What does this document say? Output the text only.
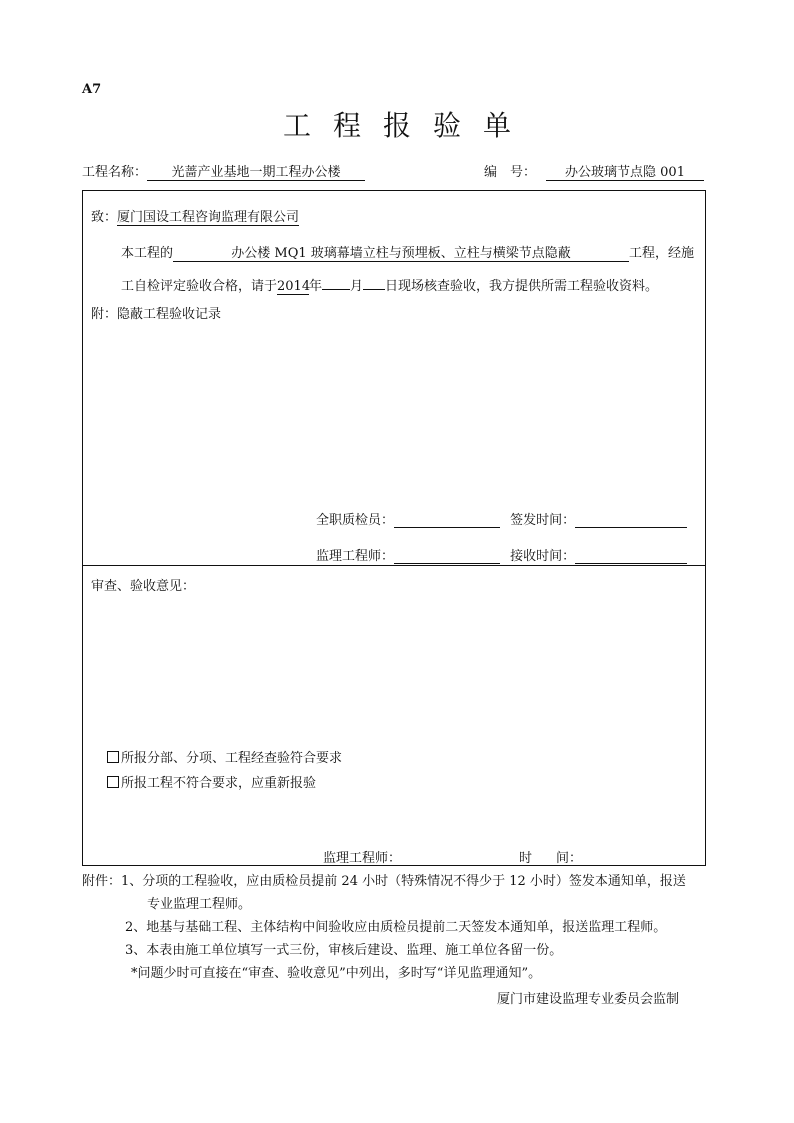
A7
工程报验单
工程名称： 光蔷产业基地一期工程办公楼	编　号： 办公玻璃节点隐 001
致：厦门国设工程咨询监理有限公司
本工程的	办公楼 MQ1 玻璃幕墙立柱与预埋板、立柱与横梁节点隐蔽	工程，经施
工自检评定验收合格，请于2014年 月 日现场核查验收，我方提供所需工程验收资料。
附：隐蔽工程验收记录
全职质检员：	签发时间：
监理工程师：	接收时间：
审查、验收意见：
所报分部、分项、工程经查验符合要求
所报工程不符合要求，应重新报验
监理工程师：	时 间：
附件：1、分项的工程验收，应由质检员提前 24 小时（特殊情况不得少于 12 小时）签发本通知单，报送
专业监理工程师。
2、地基与基础工程、主体结构中间验收应由质检员提前二天签发本通知单，报送监理工程师。
3、本表由施工单位填写一式三份，审核后建设、监理、施工单位各留一份。
*问题少时可直接在“审查、验收意见”中列出，多时写“详见监理通知”。
厦门市建设监理专业委员会监制
